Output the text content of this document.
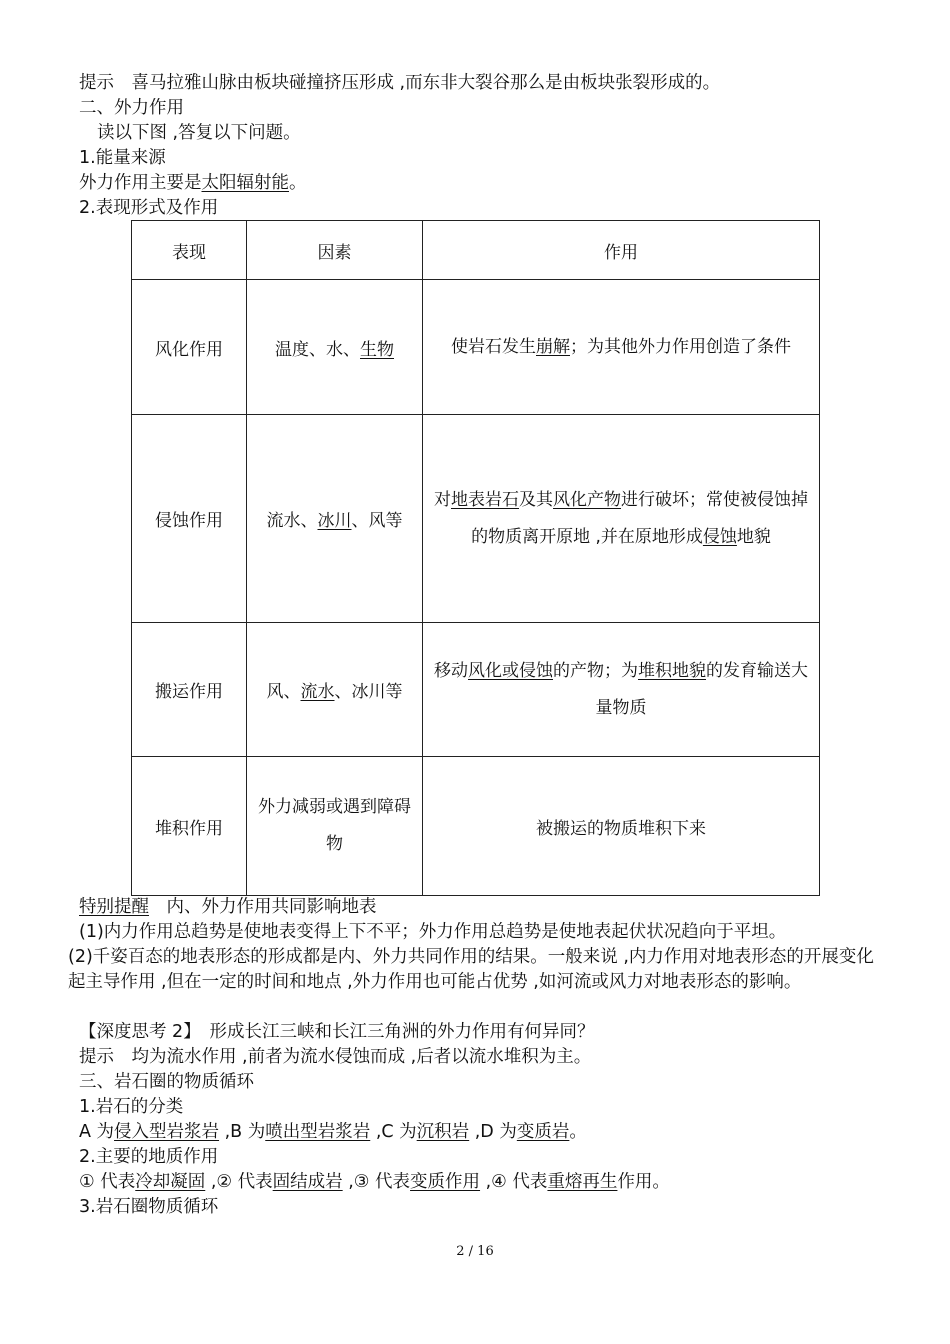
提示　喜马拉雅山脉由板块碰撞挤压形成 ,而东非大裂谷那么是由板块张裂形成的。
二、外力作用
读以下图 ,答复以下问题。
1.能量来源
外力作用主要是太阳辐射能。
2.表现形式及作用
表现	因素	作用
风化作用	温度、水、生物	使岩石发生崩解；为其他外力作用创造了条件
侵蚀作用	流水、冰川、风等	对地表岩石及其风化产物进行破坏；常使被侵蚀掉的物质离开原地 ,并在原地形成侵蚀地貌
搬运作用	风、流水、冰川等	移动风化或侵蚀的产物；为堆积地貌的发育输送大量物质
堆积作用	外力减弱或遇到障碍物	被搬运的物质堆积下来
特别提醒　内、外力作用共同影响地表
(1)内力作用总趋势是使地表变得上下不平；外力作用总趋势是使地表起伏状况趋向于平坦。
(2)千姿百态的地表形态的形成都是内、外力共同作用的结果。一般来说 ,内力作用对地表形态的开展变化起主导作用 ,但在一定的时间和地点 ,外力作用也可能占优势 ,如河流或风力对地表形态的影响。
【深度思考 2】　形成长江三峡和长江三角洲的外力作用有何异同？
提示　均为流水作用 ,前者为流水侵蚀而成 ,后者以流水堆积为主。
三、岩石圈的物质循环
1.岩石的分类
A 为侵入型岩浆岩 ,B 为喷出型岩浆岩 ,C 为沉积岩 ,D 为变质岩。
2.主要的地质作用
① 代表冷却凝固 ,② 代表固结成岩 ,③ 代表变质作用 ,④ 代表重熔再生作用。
3.岩石圈物质循环
2 / 16
